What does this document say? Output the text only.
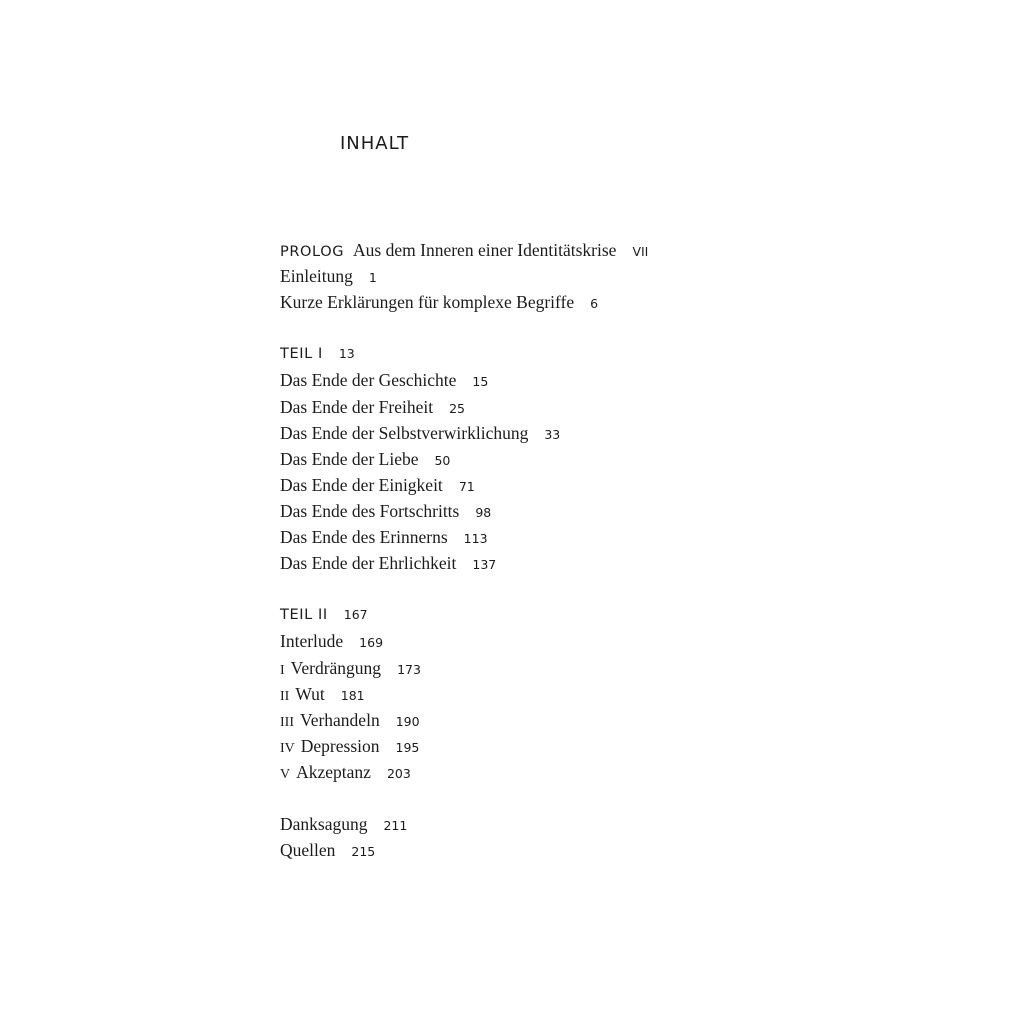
INHALT
PROLOG Aus dem Inneren einer Identitätskrise VII
Einleitung 1
Kurze Erklärungen für komplexe Begriffe 6
TEIL I 13
Das Ende der Geschichte 15
Das Ende der Freiheit 25
Das Ende der Selbstverwirklichung 33
Das Ende der Liebe 50
Das Ende der Einigkeit 71
Das Ende des Fortschritts 98
Das Ende des Erinnerns 113
Das Ende der Ehrlichkeit 137
TEIL II 167
Interlude 169
I Verdrängung 173
II Wut 181
III Verhandeln 190
IV Depression 195
V Akzeptanz 203
Danksagung 211
Quellen 215
